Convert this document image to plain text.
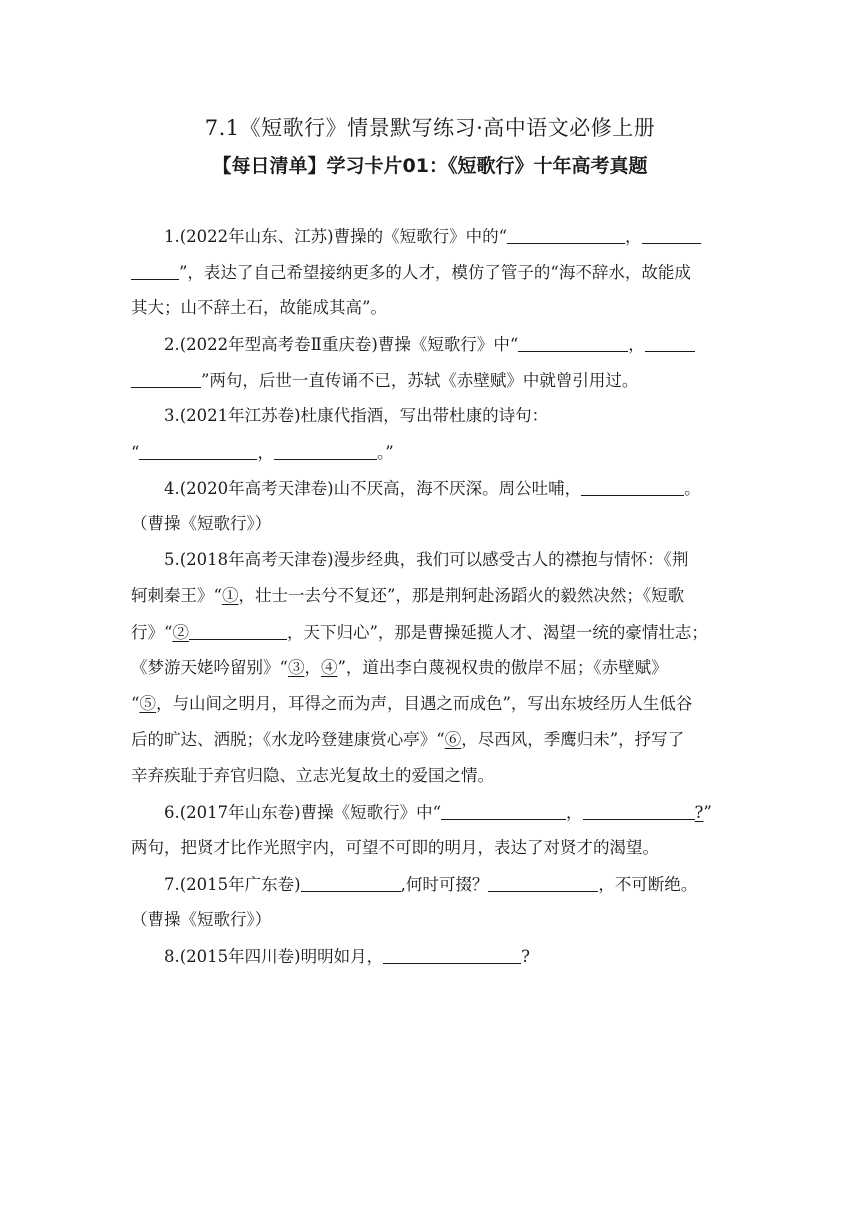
7.1《短歌行》情景默写练习·高中语文必修上册
【每日清单】学习卡片01：《短歌行》十年高考真题
1.(2022年山东、江苏)曹操的《短歌行》中的“	，
”，表达了自己希望接纳更多的人才，模仿了管子的“海不辞水，故能成
其大；山不辞土石，故能成其高”。
2.(2022年型高考卷Ⅱ重庆卷)曹操《短歌行》中“	，
”两句，后世一直传诵不已，苏轼《赤壁赋》中就曾引用过。
3.(2021年江苏卷)杜康代指酒，写出带杜康的诗句：
“	，	。”
4.(2020年高考天津卷)山不厌高，海不厌深。周公吐哺，	。
（曹操《短歌行》）
5.(2018年高考天津卷)漫步经典，我们可以感受古人的襟抱与情怀：《荆
轲刺秦王》“①，壮士一去兮不复还”，那是荆轲赴汤蹈火的毅然决然；《短歌
行》“②	，天下归心”，那是曹操延揽人才、渴望一统的豪情壮志；
《梦游天姥吟留别》“③，④”，道出李白蔑视权贵的傲岸不屈；《赤壁赋》
“⑤，与山间之明月，耳得之而为声，目遇之而成色”，写出东坡经历人生低谷
后的旷达、洒脱；《水龙吟登建康赏心亭》“⑥，尽西风，季鹰归未”，抒写了
辛弃疾耻于弃官归隐、立志光复故土的爱国之情。
6.(2017年山东卷)曹操《短歌行》中“	，	?”
两句，把贤才比作光照宇内，可望不可即的明月，表达了对贤才的渴望。
7.(2015年广东卷)	,何时可掇？	，不可断绝。
（曹操《短歌行》）
8.(2015年四川卷)明明如月，	?
